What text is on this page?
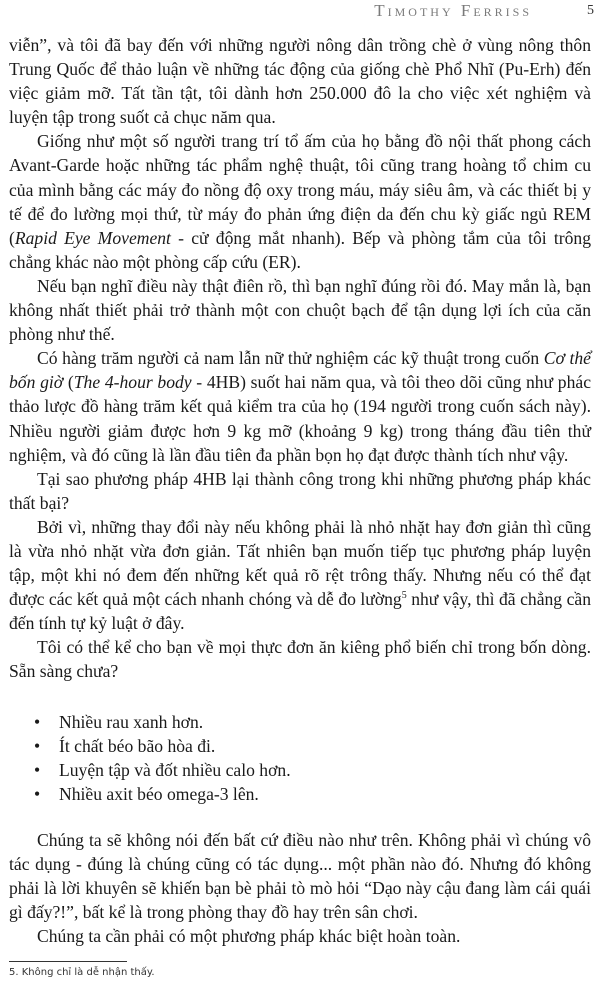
Timothy Ferriss	5

viễn”, và tôi đã bay đến với những người nông dân trồng chè ở vùng nông thôn Trung Quốc để thảo luận về những tác động của giống chè Phổ Nhĩ (Pu-Erh) đến việc giảm mỡ. Tất tần tật, tôi dành hơn 250.000 đô la cho việc xét nghiệm và luyện tập trong suốt cả chục năm qua.

Giống như một số người trang trí tổ ấm của họ bằng đồ nội thất phong cách Avant-Garde hoặc những tác phẩm nghệ thuật, tôi cũng trang hoàng tổ chim cu của mình bằng các máy đo nồng độ oxy trong máu, máy siêu âm, và các thiết bị y tế để đo lường mọi thứ, từ máy đo phản ứng điện da đến chu kỳ giấc ngủ REM (Rapid Eye Movement - cử động mắt nhanh). Bếp và phòng tắm của tôi trông chẳng khác nào một phòng cấp cứu (ER).

Nếu bạn nghĩ điều này thật điên rồ, thì bạn nghĩ đúng rồi đó. May mắn là, bạn không nhất thiết phải trở thành một con chuột bạch để tận dụng lợi ích của căn phòng như thế.

Có hàng trăm người cả nam lẫn nữ thử nghiệm các kỹ thuật trong cuốn Cơ thể bốn giờ (The 4-hour body - 4HB) suốt hai năm qua, và tôi theo dõi cũng như phác thảo lược đồ hàng trăm kết quả kiểm tra của họ (194 người trong cuốn sách này). Nhiều người giảm được hơn 9 kg mỡ (khoảng 9 kg) trong tháng đầu tiên thử nghiệm, và đó cũng là lần đầu tiên đa phần bọn họ đạt được thành tích như vậy.

Tại sao phương pháp 4HB lại thành công trong khi những phương pháp khác thất bại?

Bởi vì, những thay đổi này nếu không phải là nhỏ nhặt hay đơn giản thì cũng là vừa nhỏ nhặt vừa đơn giản. Tất nhiên bạn muốn tiếp tục phương pháp luyện tập, một khi nó đem đến những kết quả rõ rệt trông thấy. Nhưng nếu có thể đạt được các kết quả một cách nhanh chóng và dễ đo lường$^5$ như vậy, thì đã chẳng cần đến tính tự kỷ luật ở đây.

Tôi có thể kể cho bạn về mọi thực đơn ăn kiêng phổ biến chỉ trong bốn dòng. Sẵn sàng chưa?

• Nhiều rau xanh hơn.
• Ít chất béo bão hòa đi.
• Luyện tập và đốt nhiều calo hơn.
• Nhiều axit béo omega-3 lên.

Chúng ta sẽ không nói đến bất cứ điều nào như trên. Không phải vì chúng vô tác dụng - đúng là chúng cũng có tác dụng... một phần nào đó. Nhưng đó không phải là lời khuyên sẽ khiến bạn bè phải tò mò hỏi “Dạo này cậu đang làm cái quái gì đấy?!”, bất kể là trong phòng thay đồ hay trên sân chơi.

Chúng ta cần phải có một phương pháp khác biệt hoàn toàn.

5. Không chỉ là dễ nhận thấy.
